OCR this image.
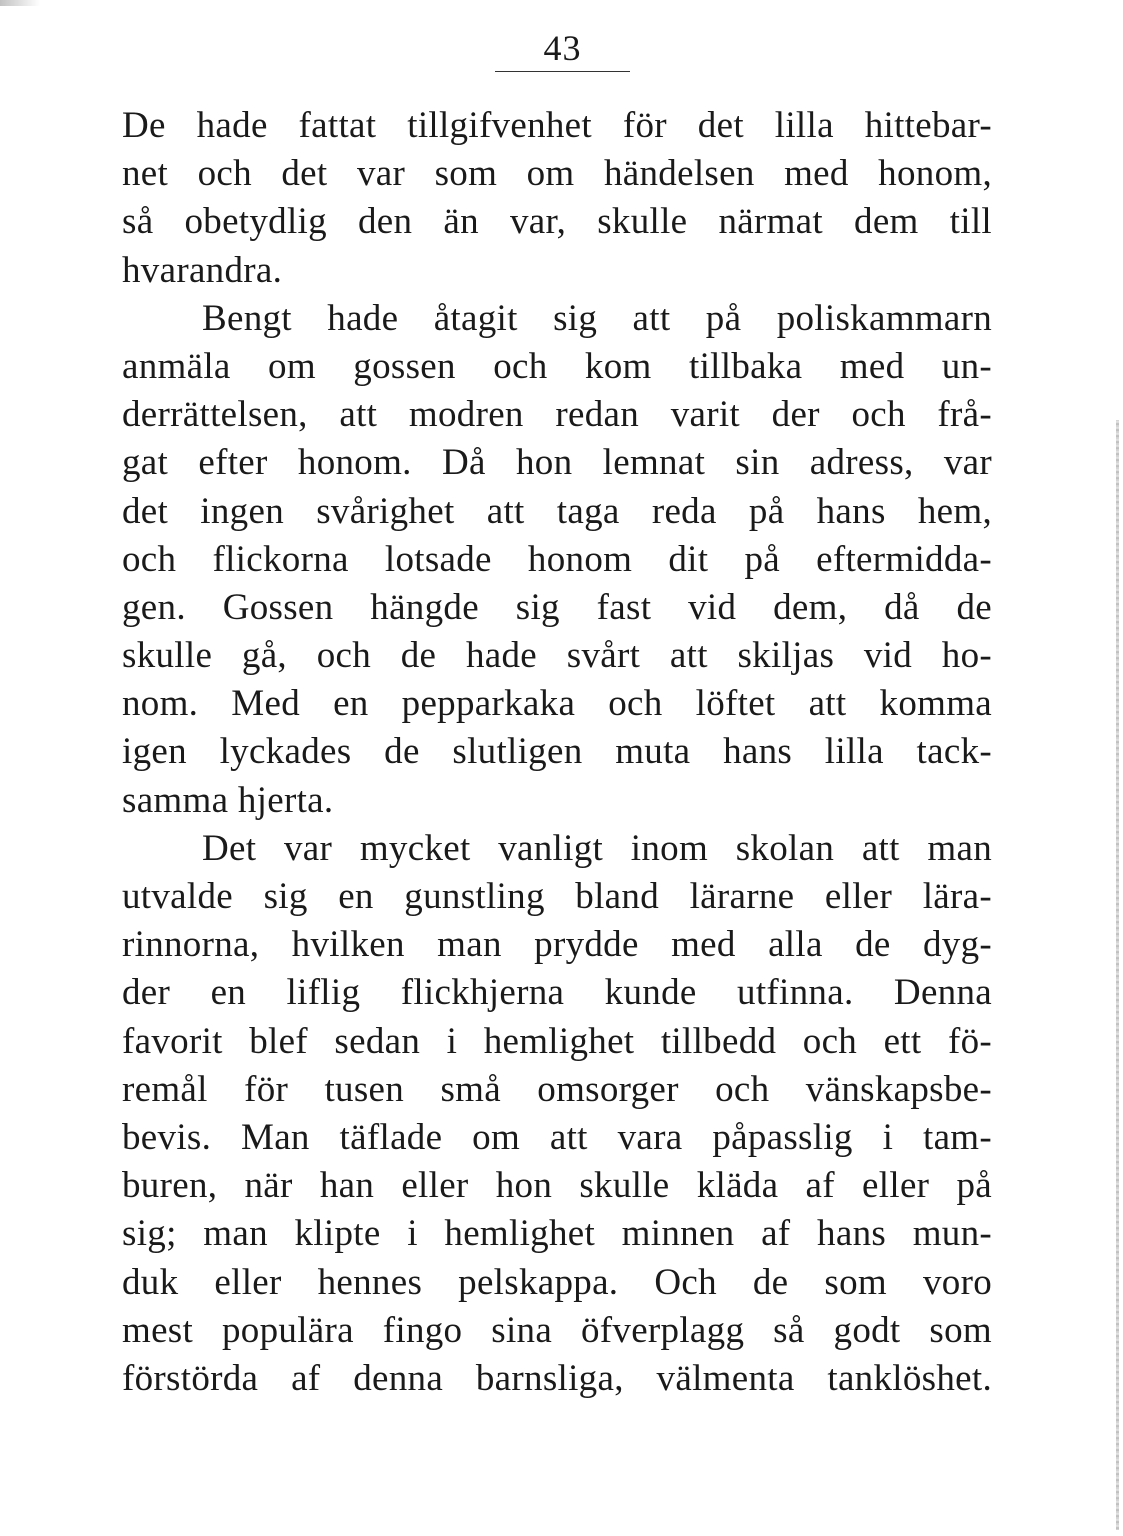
43
De hade fattat tillgifvenhet för det lilla hittebar-
net och det var som om händelsen med honom,
så obetydlig den än var, skulle närmat dem till
hvarandra.
Bengt hade åtagit sig att på poliskammarn
anmäla om gossen och kom tillbaka med un-
derrättelsen, att modren redan varit der och frå-
gat efter honom. Då hon lemnat sin adress, var
det ingen svårighet att taga reda på hans hem,
och flickorna lotsade honom dit på eftermidda-
gen. Gossen hängde sig fast vid dem, då de
skulle gå, och de hade svårt att skiljas vid ho-
nom. Med en pepparkaka och löftet att komma
igen lyckades de slutligen muta hans lilla tack-
samma hjerta.
Det var mycket vanligt inom skolan att man
utvalde sig en gunstling bland lärarne eller lära-
rinnorna, hvilken man prydde med alla de dyg-
der en liflig flickhjerna kunde utfinna. Denna
favorit blef sedan i hemlighet tillbedd och ett fö-
remål för tusen små omsorger och vänskapsbe-
bevis. Man täflade om att vara påpasslig i tam-
buren, när han eller hon skulle kläda af eller på
sig; man klipte i hemlighet minnen af hans mun-
duk eller hennes pelskappa. Och de som voro
mest populära fingo sina öfverplagg så godt som
förstörda af denna barnsliga, välmenta tanklöshet.
